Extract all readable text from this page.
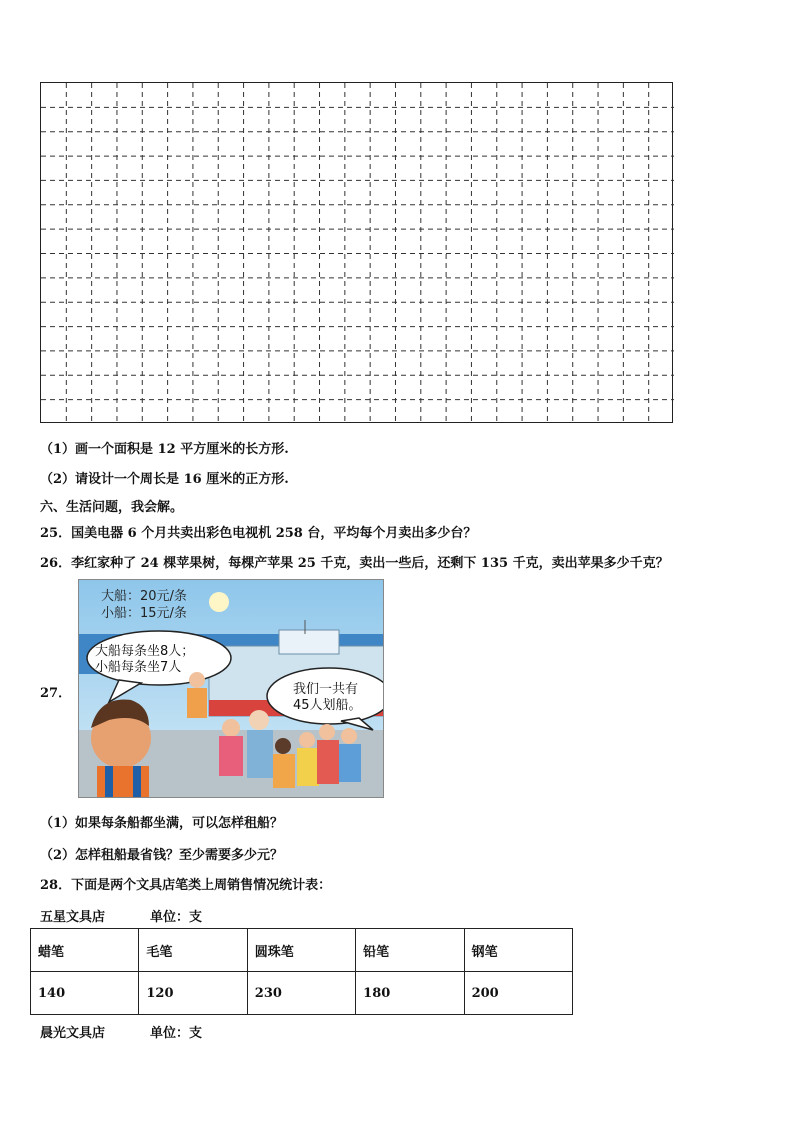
（1）画一个面积是 12 平方厘米的长方形.
（2）请设计一个周长是 16 厘米的正方形.
六、生活问题，我会解。
25．国美电器 6 个月共卖出彩色电视机 258 台，平均每个月卖出多少台？
26．李红家种了 24 棵苹果树，每棵产苹果 25 千克，卖出一些后，还剩下 135 千克，卖出苹果多少千克？
27．
大船：20元/条
小船：15元/条
大船每条坐8人；
小船每条坐7人
我们一共有
45人划船。
（1）如果每条船都坐满，可以怎样租船？
（2）怎样租船最省钱？至少需要多少元？
28．下面是两个文具店笔类上周销售情况统计表：
五星文具店	单位：支
蜡笔	毛笔	圆珠笔	铅笔	钢笔
140	120	230	180	200
晨光文具店	单位：支
